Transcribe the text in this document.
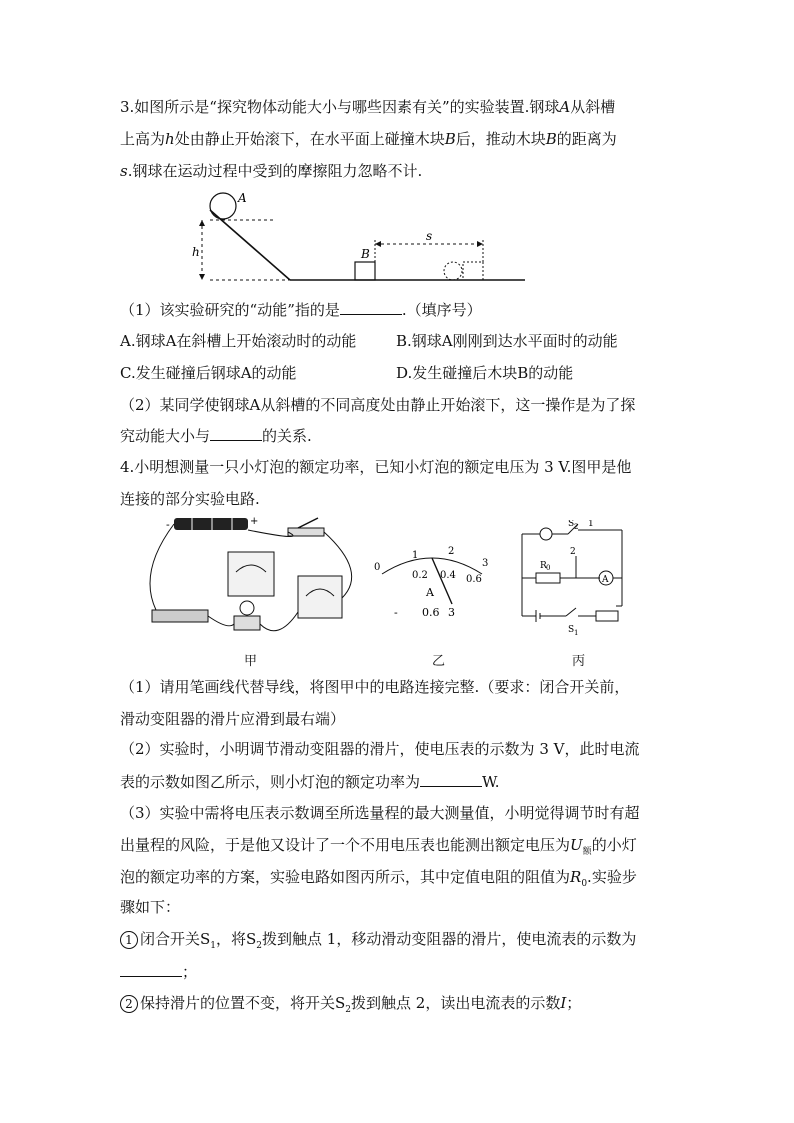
3.如图所示是“探究物体动能大小与哪些因素有关”的实验装置.钢球A从斜槽
上高为h处由静止开始滚下，在水平面上碰撞木块B后，推动木块B的距离为
s.钢球在运动过程中受到的摩擦阻力忽略不计.
A
h	B
s
（1）该实验研究的“动能”指的是	.（填序号）
A.钢球A在斜槽上开始滚动时的动能	B.钢球A刚刚到达水平面时的动能
C.发生碰撞后钢球A的动能	D.发生碰撞后木块B的动能
（2）某同学使钢球A从斜槽的不同高度处由静止开始滚下，这一操作是为了探
究动能大小与	的关系.
4.小明想测量一只小灯泡的额定功率，已知小灯泡的额定电压为 3 V.图甲是他
连接的部分实验电路.
-	+
甲
0
1	2
3
0.2 0.4 0.6
A
- 0.6 3
乙
S 2 1
2
R 0
A
S 1
丙
（1）请用笔画线代替导线，将图甲中的电路连接完整.（要求：闭合开关前，
滑动变阻器的滑片应滑到最右端）
（2）实验时，小明调节滑动变阻器的滑片，使电压表的示数为 3 V，此时电流
表的示数如图乙所示，则小灯泡的额定功率为	W.
（3）实验中需将电压表示数调至所选量程的最大测量值，小明觉得调节时有超
出量程的风险，于是他又设计了一个不用电压表也能测出额定电压为$U_额$的小灯
泡的额定功率的方案，实验电路如图丙所示，其中定值电阻的阻值为$R_0$.实验步
骤如下：
1 闭合开关$S_1$，将$S_2$拨到触点 1，移动滑动变阻器的滑片，使电流表的示数为
；
2 保持滑片的位置不变，将开关$S_2$拨到触点 2，读出电流表的示数I；
